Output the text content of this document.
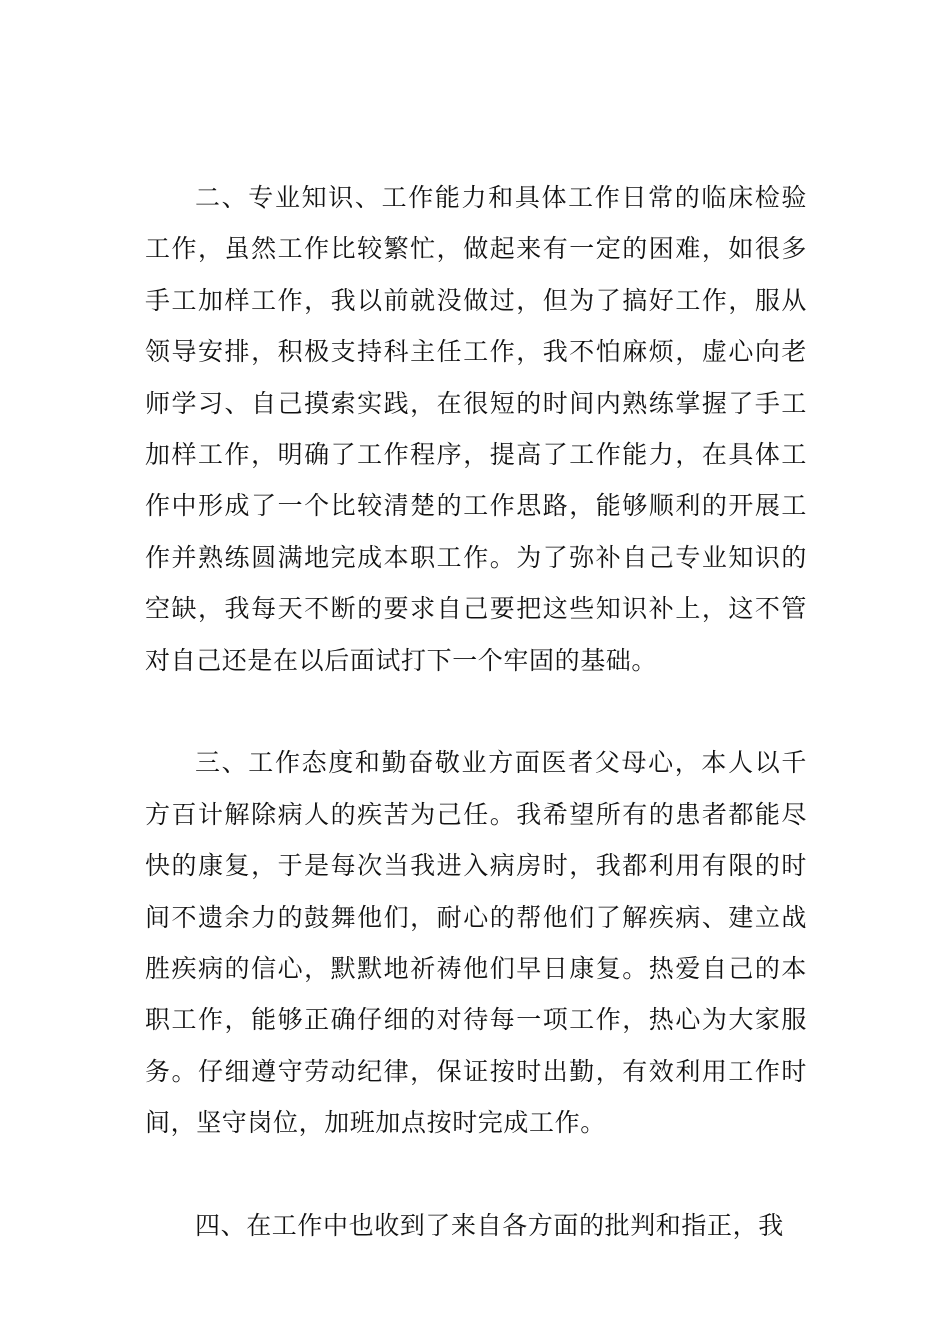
二、专业知识、工作能力和具体工作日常的临床检验工作，虽然工作比较繁忙，做起来有一定的困难，如很多手工加样工作，我以前就没做过，但为了搞好工作，服从领导安排，积极支持科主任工作，我不怕麻烦，虚心向老师学习、自己摸索实践，在很短的时间内熟练掌握了手工加样工作，明确了工作程序，提高了工作能力，在具体工作中形成了一个比较清楚的工作思路，能够顺利的开展工作并熟练圆满地完成本职工作。为了弥补自己专业知识的空缺，我每天不断的要求自己要把这些知识补上，这不管对自己还是在以后面试打下一个牢固的基础。

三、工作态度和勤奋敬业方面医者父母心，本人以千方百计解除病人的疾苦为己任。我希望所有的患者都能尽快的康复，于是每次当我进入病房时，我都利用有限的时间不遗余力的鼓舞他们，耐心的帮他们了解疾病、建立战胜疾病的信心，默默地祈祷他们早日康复。热爱自己的本职工作，能够正确仔细的对待每一项工作，热心为大家服务。仔细遵守劳动纪律，保证按时出勤，有效利用工作时间，坚守岗位，加班加点按时完成工作。

四、在工作中也收到了来自各方面的批判和指正，我
